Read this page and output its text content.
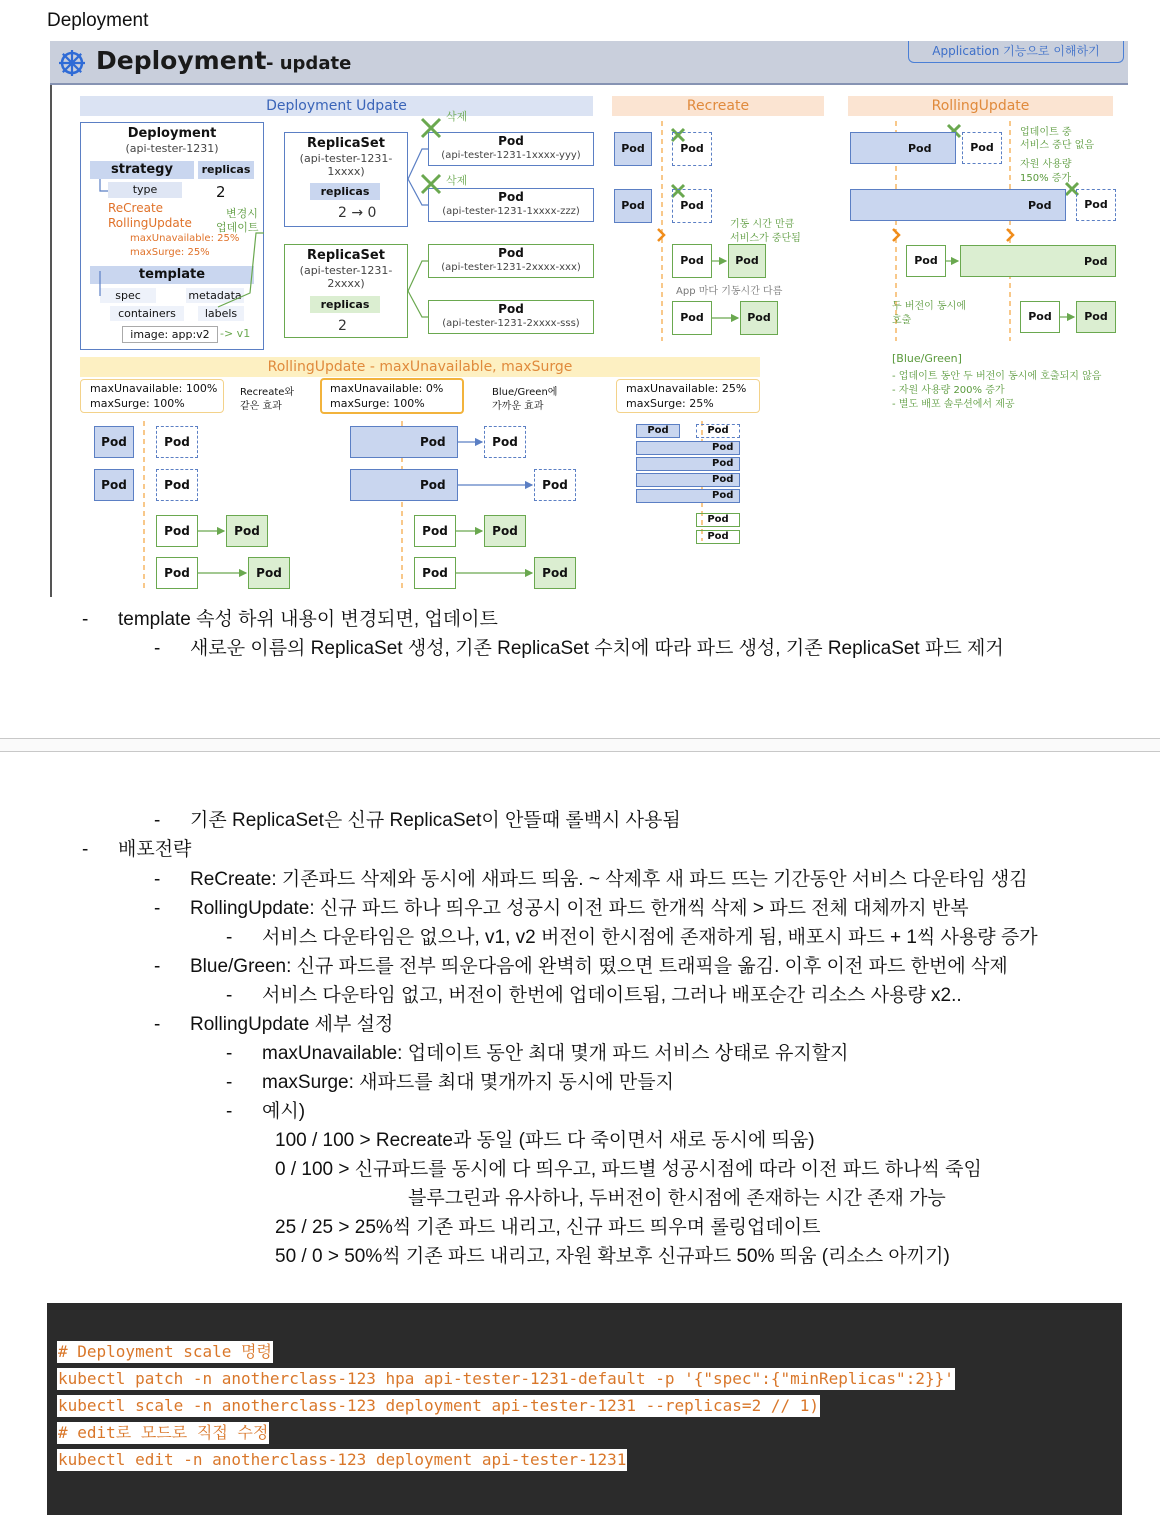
Deployment
Deployment - update
Application 기능으로 이해하기
Deployment Udpate	Recreate	RollingUpdate
Deployment
(api-tester-1231)
strategy	replicas
type	2
ReCreate
RollingUpdate
변경시
업데이트
maxUnavailable: 25%
maxSurge: 25%
template
spec	metadata
containers	labels
image: app:v2 -> v1
ReplicaSet
(api-tester-1231-
1xxxx)
replicas
2 → 0
ReplicaSet
(api-tester-1231-
2xxxx)
replicas
2
Pod
(api-tester-1231-1xxxx-yyy)
Pod
(api-tester-1231-1xxxx-zzz)
Pod
(api-tester-1231-2xxxx-xxx)
Pod
(api-tester-1231-2xxxx-sss)
삭제
삭제
Pod	Pod
Pod	Pod
기동 시간 만큼
서비스가 중단됨
Pod	Pod
App 마다 기동시간 다름
Pod	Pod
Pod	Pod
업데이트 중
서비스 중단 없음
자원 사용량
150% 증가
Pod	Pod
Pod	Pod
두 버전이 동시에
호출	Pod	Pod
[Blue/Green]
- 업데이트 동안 두 버전이 동시에 호출되지 않음
- 자원 사용량 200% 증가
- 별도 배포 솔루션에서 제공
RollingUpdate - maxUnavailable, maxSurge
maxUnavailable: 100%
maxSurge: 100%
Recreate와
같은 효과
maxUnavailable: 0%
maxSurge: 100%
Blue/Green에
가까운 효과
maxUnavailable: 25%
maxSurge: 25%
Pod	Pod
Pod	Pod
Pod	Pod
Pod	Pod
Pod	Pod
Pod	Pod
Pod	Pod
Pod	Pod
Pod	Pod
Pod
Pod
Pod
Pod
Pod
Pod
- template 속성 하위 내용이 변경되면, 업데이트
- 새로운 이름의 ReplicaSet 생성, 기존 ReplicaSet 수치에 따라 파드 생성, 기존 ReplicaSet 파드 제거
- 기존 ReplicaSet은 신규 ReplicaSet이 안뜰때 롤백시 사용됨
- 배포전략
- ReCreate: 기존파드 삭제와 동시에 새파드 띄움. ~ 삭제후 새 파드 뜨는 기간동안 서비스 다운타임 생김
- RollingUpdate: 신규 파드 하나 띄우고 성공시 이전 파드 한개씩 삭제 > 파드 전체 대체까지 반복
- 서비스 다운타임은 없으나, v1, v2 버전이 한시점에 존재하게 됨, 배포시 파드 + 1씩 사용량 증가
- Blue/Green: 신규 파드를 전부 띄운다음에 완벽히 떴으면 트래픽을 옮김. 이후 이전 파드 한번에 삭제
- 서비스 다운타임 없고, 버전이 한번에 업데이트됨, 그러나 배포순간 리소스 사용량 x2..
- RollingUpdate 세부 설정
- maxUnavailable: 업데이트 동안 최대 몇개 파드 서비스 상태로 유지할지
- maxSurge: 새파드를 최대 몇개까지 동시에 만들지
- 예시)
100 / 100 > Recreate과 동일 (파드 다 죽이면서 새로 동시에 띄움)
0 / 100 > 신규파드를 동시에 다 띄우고, 파드별 성공시점에 따라 이전 파드 하나씩 죽임
블루그린과 유사하나, 두버전이 한시점에 존재하는 시간 존재 가능
25 / 25 > 25%씩 기존 파드 내리고, 신규 파드 띄우며 롤링업데이트
50 / 0 > 50%씩 기존 파드 내리고, 자원 확보후 신규파드 50% 띄움 (리소스 아끼기)
# Deployment scale 명령
kubectl patch -n anotherclass-123 hpa api-tester-1231-default -p '{"spec":{"minReplicas":2}}'
kubectl scale -n anotherclass-123 deployment api-tester-1231 --replicas=2 // 1)
# edit로 모드로 직접 수정
kubectl edit -n anotherclass-123 deployment api-tester-1231
